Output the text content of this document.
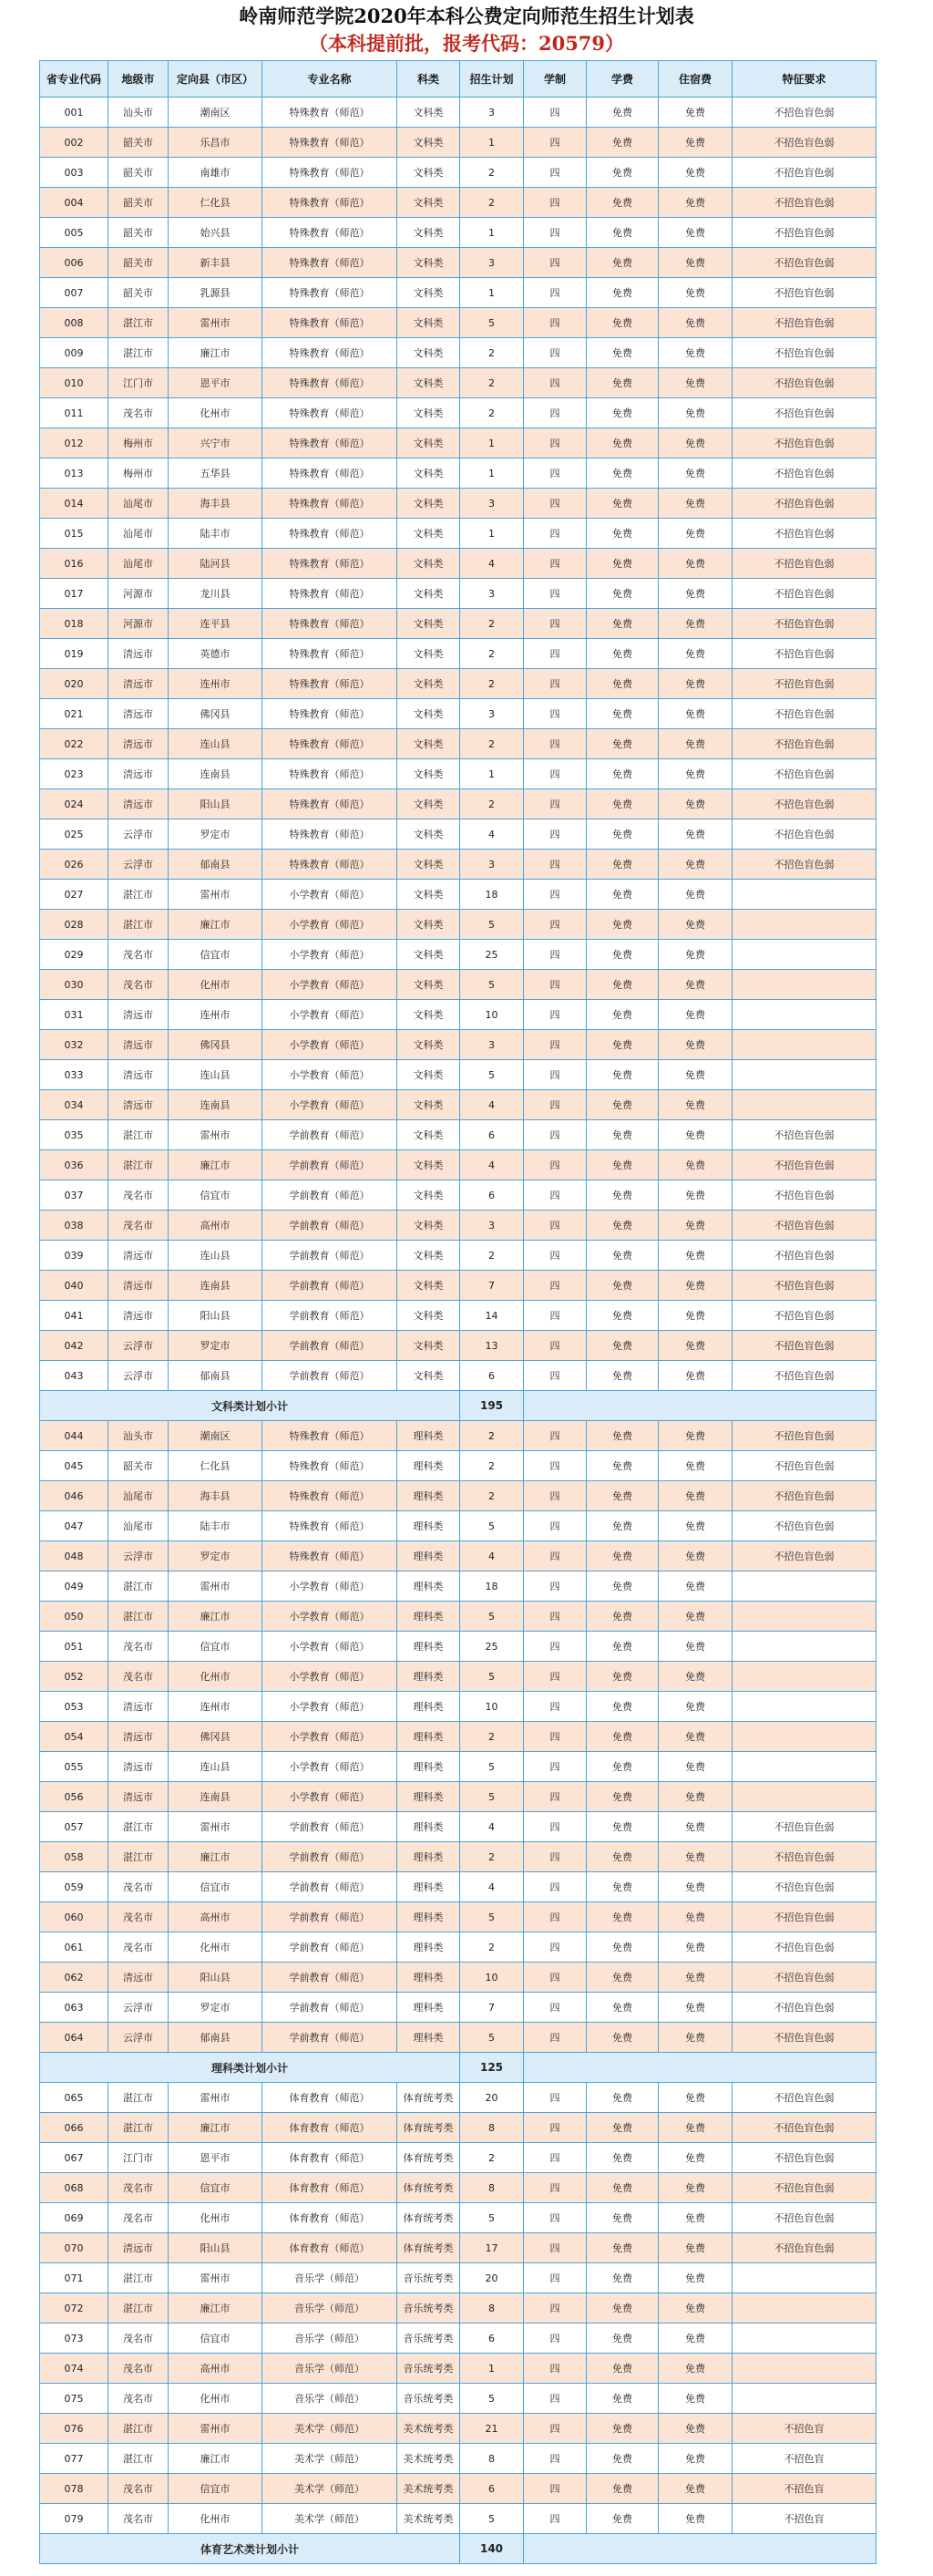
岭南师范学院2020年本科公费定向师范生招生计划表
（本科提前批，报考代码：20579）
省专业代码	地级市	定向县（市区）	专业名称	科类	招生计划	学制	学费	住宿费	特征要求
001	汕头市	潮南区	特殊教育（师范）	文科类	3	四	免费	免费	不招色盲色弱
002	韶关市	乐昌市	特殊教育（师范）	文科类	1	四	免费	免费	不招色盲色弱
003	韶关市	南雄市	特殊教育（师范）	文科类	2	四	免费	免费	不招色盲色弱
004	韶关市	仁化县	特殊教育（师范）	文科类	2	四	免费	免费	不招色盲色弱
005	韶关市	始兴县	特殊教育（师范）	文科类	1	四	免费	免费	不招色盲色弱
006	韶关市	新丰县	特殊教育（师范）	文科类	3	四	免费	免费	不招色盲色弱
007	韶关市	乳源县	特殊教育（师范）	文科类	1	四	免费	免费	不招色盲色弱
008	湛江市	雷州市	特殊教育（师范）	文科类	5	四	免费	免费	不招色盲色弱
009	湛江市	廉江市	特殊教育（师范）	文科类	2	四	免费	免费	不招色盲色弱
010	江门市	恩平市	特殊教育（师范）	文科类	2	四	免费	免费	不招色盲色弱
011	茂名市	化州市	特殊教育（师范）	文科类	2	四	免费	免费	不招色盲色弱
012	梅州市	兴宁市	特殊教育（师范）	文科类	1	四	免费	免费	不招色盲色弱
013	梅州市	五华县	特殊教育（师范）	文科类	1	四	免费	免费	不招色盲色弱
014	汕尾市	海丰县	特殊教育（师范）	文科类	3	四	免费	免费	不招色盲色弱
015	汕尾市	陆丰市	特殊教育（师范）	文科类	1	四	免费	免费	不招色盲色弱
016	汕尾市	陆河县	特殊教育（师范）	文科类	4	四	免费	免费	不招色盲色弱
017	河源市	龙川县	特殊教育（师范）	文科类	3	四	免费	免费	不招色盲色弱
018	河源市	连平县	特殊教育（师范）	文科类	2	四	免费	免费	不招色盲色弱
019	清远市	英德市	特殊教育（师范）	文科类	2	四	免费	免费	不招色盲色弱
020	清远市	连州市	特殊教育（师范）	文科类	2	四	免费	免费	不招色盲色弱
021	清远市	佛冈县	特殊教育（师范）	文科类	3	四	免费	免费	不招色盲色弱
022	清远市	连山县	特殊教育（师范）	文科类	2	四	免费	免费	不招色盲色弱
023	清远市	连南县	特殊教育（师范）	文科类	1	四	免费	免费	不招色盲色弱
024	清远市	阳山县	特殊教育（师范）	文科类	2	四	免费	免费	不招色盲色弱
025	云浮市	罗定市	特殊教育（师范）	文科类	4	四	免费	免费	不招色盲色弱
026	云浮市	郁南县	特殊教育（师范）	文科类	3	四	免费	免费	不招色盲色弱
027	湛江市	雷州市	小学教育（师范）	文科类	18	四	免费	免费	
028	湛江市	廉江市	小学教育（师范）	文科类	5	四	免费	免费	
029	茂名市	信宜市	小学教育（师范）	文科类	25	四	免费	免费	
030	茂名市	化州市	小学教育（师范）	文科类	5	四	免费	免费	
031	清远市	连州市	小学教育（师范）	文科类	10	四	免费	免费	
032	清远市	佛冈县	小学教育（师范）	文科类	3	四	免费	免费	
033	清远市	连山县	小学教育（师范）	文科类	5	四	免费	免费	
034	清远市	连南县	小学教育（师范）	文科类	4	四	免费	免费	
035	湛江市	雷州市	学前教育（师范）	文科类	6	四	免费	免费	不招色盲色弱
036	湛江市	廉江市	学前教育（师范）	文科类	4	四	免费	免费	不招色盲色弱
037	茂名市	信宜市	学前教育（师范）	文科类	6	四	免费	免费	不招色盲色弱
038	茂名市	高州市	学前教育（师范）	文科类	3	四	免费	免费	不招色盲色弱
039	清远市	连山县	学前教育（师范）	文科类	2	四	免费	免费	不招色盲色弱
040	清远市	连南县	学前教育（师范）	文科类	7	四	免费	免费	不招色盲色弱
041	清远市	阳山县	学前教育（师范）	文科类	14	四	免费	免费	不招色盲色弱
042	云浮市	罗定市	学前教育（师范）	文科类	13	四	免费	免费	不招色盲色弱
043	云浮市	郁南县	学前教育（师范）	文科类	6	四	免费	免费	不招色盲色弱
文科类计划小计					195				
044	汕头市	潮南区	特殊教育（师范）	理科类	2	四	免费	免费	不招色盲色弱
045	韶关市	仁化县	特殊教育（师范）	理科类	2	四	免费	免费	不招色盲色弱
046	汕尾市	海丰县	特殊教育（师范）	理科类	2	四	免费	免费	不招色盲色弱
047	汕尾市	陆丰市	特殊教育（师范）	理科类	5	四	免费	免费	不招色盲色弱
048	云浮市	罗定市	特殊教育（师范）	理科类	4	四	免费	免费	不招色盲色弱
049	湛江市	雷州市	小学教育（师范）	理科类	18	四	免费	免费	
050	湛江市	廉江市	小学教育（师范）	理科类	5	四	免费	免费	
051	茂名市	信宜市	小学教育（师范）	理科类	25	四	免费	免费	
052	茂名市	化州市	小学教育（师范）	理科类	5	四	免费	免费	
053	清远市	连州市	小学教育（师范）	理科类	10	四	免费	免费	
054	清远市	佛冈县	小学教育（师范）	理科类	2	四	免费	免费	
055	清远市	连山县	小学教育（师范）	理科类	5	四	免费	免费	
056	清远市	连南县	小学教育（师范）	理科类	5	四	免费	免费	
057	湛江市	雷州市	学前教育（师范）	理科类	4	四	免费	免费	不招色盲色弱
058	湛江市	廉江市	学前教育（师范）	理科类	2	四	免费	免费	不招色盲色弱
059	茂名市	信宜市	学前教育（师范）	理科类	4	四	免费	免费	不招色盲色弱
060	茂名市	高州市	学前教育（师范）	理科类	5	四	免费	免费	不招色盲色弱
061	茂名市	化州市	学前教育（师范）	理科类	2	四	免费	免费	不招色盲色弱
062	清远市	阳山县	学前教育（师范）	理科类	10	四	免费	免费	不招色盲色弱
063	云浮市	罗定市	学前教育（师范）	理科类	7	四	免费	免费	不招色盲色弱
064	云浮市	郁南县	学前教育（师范）	理科类	5	四	免费	免费	不招色盲色弱
理科类计划小计					125				
065	湛江市	雷州市	体育教育（师范）	体育统考类	20	四	免费	免费	不招色盲色弱
066	湛江市	廉江市	体育教育（师范）	体育统考类	8	四	免费	免费	不招色盲色弱
067	江门市	恩平市	体育教育（师范）	体育统考类	2	四	免费	免费	不招色盲色弱
068	茂名市	信宜市	体育教育（师范）	体育统考类	8	四	免费	免费	不招色盲色弱
069	茂名市	化州市	体育教育（师范）	体育统考类	5	四	免费	免费	不招色盲色弱
070	清远市	阳山县	体育教育（师范）	体育统考类	17	四	免费	免费	不招色盲色弱
071	湛江市	雷州市	音乐学（师范）	音乐统考类	20	四	免费	免费	
072	湛江市	廉江市	音乐学（师范）	音乐统考类	8	四	免费	免费	
073	茂名市	信宜市	音乐学（师范）	音乐统考类	6	四	免费	免费	
074	茂名市	高州市	音乐学（师范）	音乐统考类	1	四	免费	免费	
075	茂名市	化州市	音乐学（师范）	音乐统考类	5	四	免费	免费	
076	湛江市	雷州市	美术学（师范）	美术统考类	21	四	免费	免费	不招色盲
077	湛江市	廉江市	美术学（师范）	美术统考类	8	四	免费	免费	不招色盲
078	茂名市	信宜市	美术学（师范）	美术统考类	6	四	免费	免费	不招色盲
079	茂名市	化州市	美术学（师范）	美术统考类	5	四	免费	免费	不招色盲
体育艺术类计划小计					140				
